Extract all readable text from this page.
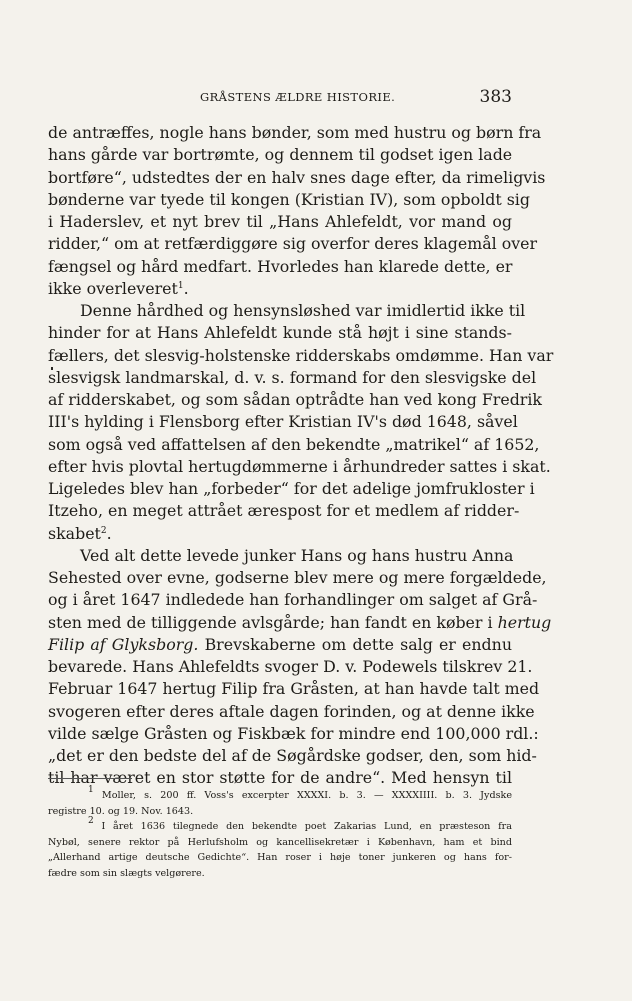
GRÅSTENS ÆLDRE HISTORIE.	383
de antræffes, nogle hans bønder, som med hustru og børn fra
hans gårde var bortrømte, og dennem til godset igen lade
bortføre“, udstedtes der en halv snes dage efter, da rimeligvis
bønderne var tyede til kongen (Kristian IV), som opboldt sig
i Haderslev, et nyt brev til „Hans Ahlefeldt, vor mand og
ridder,“ om at retfærdiggøre sig overfor deres klagemål over
fængsel og hård medfart. Hvorledes han klarede dette, er
ikke overleveret$^1$.
Denne hårdhed og hensynsløshed var imidlertid ikke til
hinder for at Hans Ahlefeldt kunde stå højt i sine stands-
fællers, det slesvig-holstenske ridderskabs omdømme. Han var
slesvigsk landmarskal, d. v. s. formand for den slesvigske del
af ridderskabet, og som sådan optrådte han ved kong Fredrik
III's hylding i Flensborg efter Kristian IV's død 1648, såvel
som også ved affattelsen af den bekendte „matrikel“ af 1652,
efter hvis plovtal hertugdømmerne i århundreder sattes i skat.
Ligeledes blev han „forbeder“ for det adelige jomfrukloster i
Itzeho, en meget attrået ærespost for et medlem af ridder-
skabet$^2$.
Ved alt dette levede junker Hans og hans hustru Anna
Sehested over evne, godserne blev mere og mere forgældede,
og i året 1647 indledede han forhandlinger om salget af Grå-
sten med de tilliggende avlsgårde; han fandt en køber i hertug
Filip af Glyksborg. Brevskaberne om dette salg er endnu
bevarede. Hans Ahlefeldts svoger D. v. Podewels tilskrev 21.
Februar 1647 hertug Filip fra Gråsten, at han havde talt med
svogeren efter deres aftale dagen forinden, og at denne ikke
vilde sælge Gråsten og Fiskbæk for mindre end 100,000 rdl.:
„det er den bedste del af de Søgårdske godser, den, som hid-
til har været en stor støtte for de andre“. Med hensyn til
$^1$ Moller, s. 200 ff. Voss's excerpter XXXXI. b. 3. — XXXXIIII. b. 3. Jydske
registre 10. og 19. Nov. 1643.
$^2$ I året 1636 tilegnede den bekendte poet Zakarias Lund, en præsteson fra
Nybøl, senere rektor på Herlufsholm og kancellisekretær i København, ham et bind
„Allerhand artige deutsche Gedichte“. Han roser i høje toner junkeren og hans for-
fædre som sin slægts velgørere.
